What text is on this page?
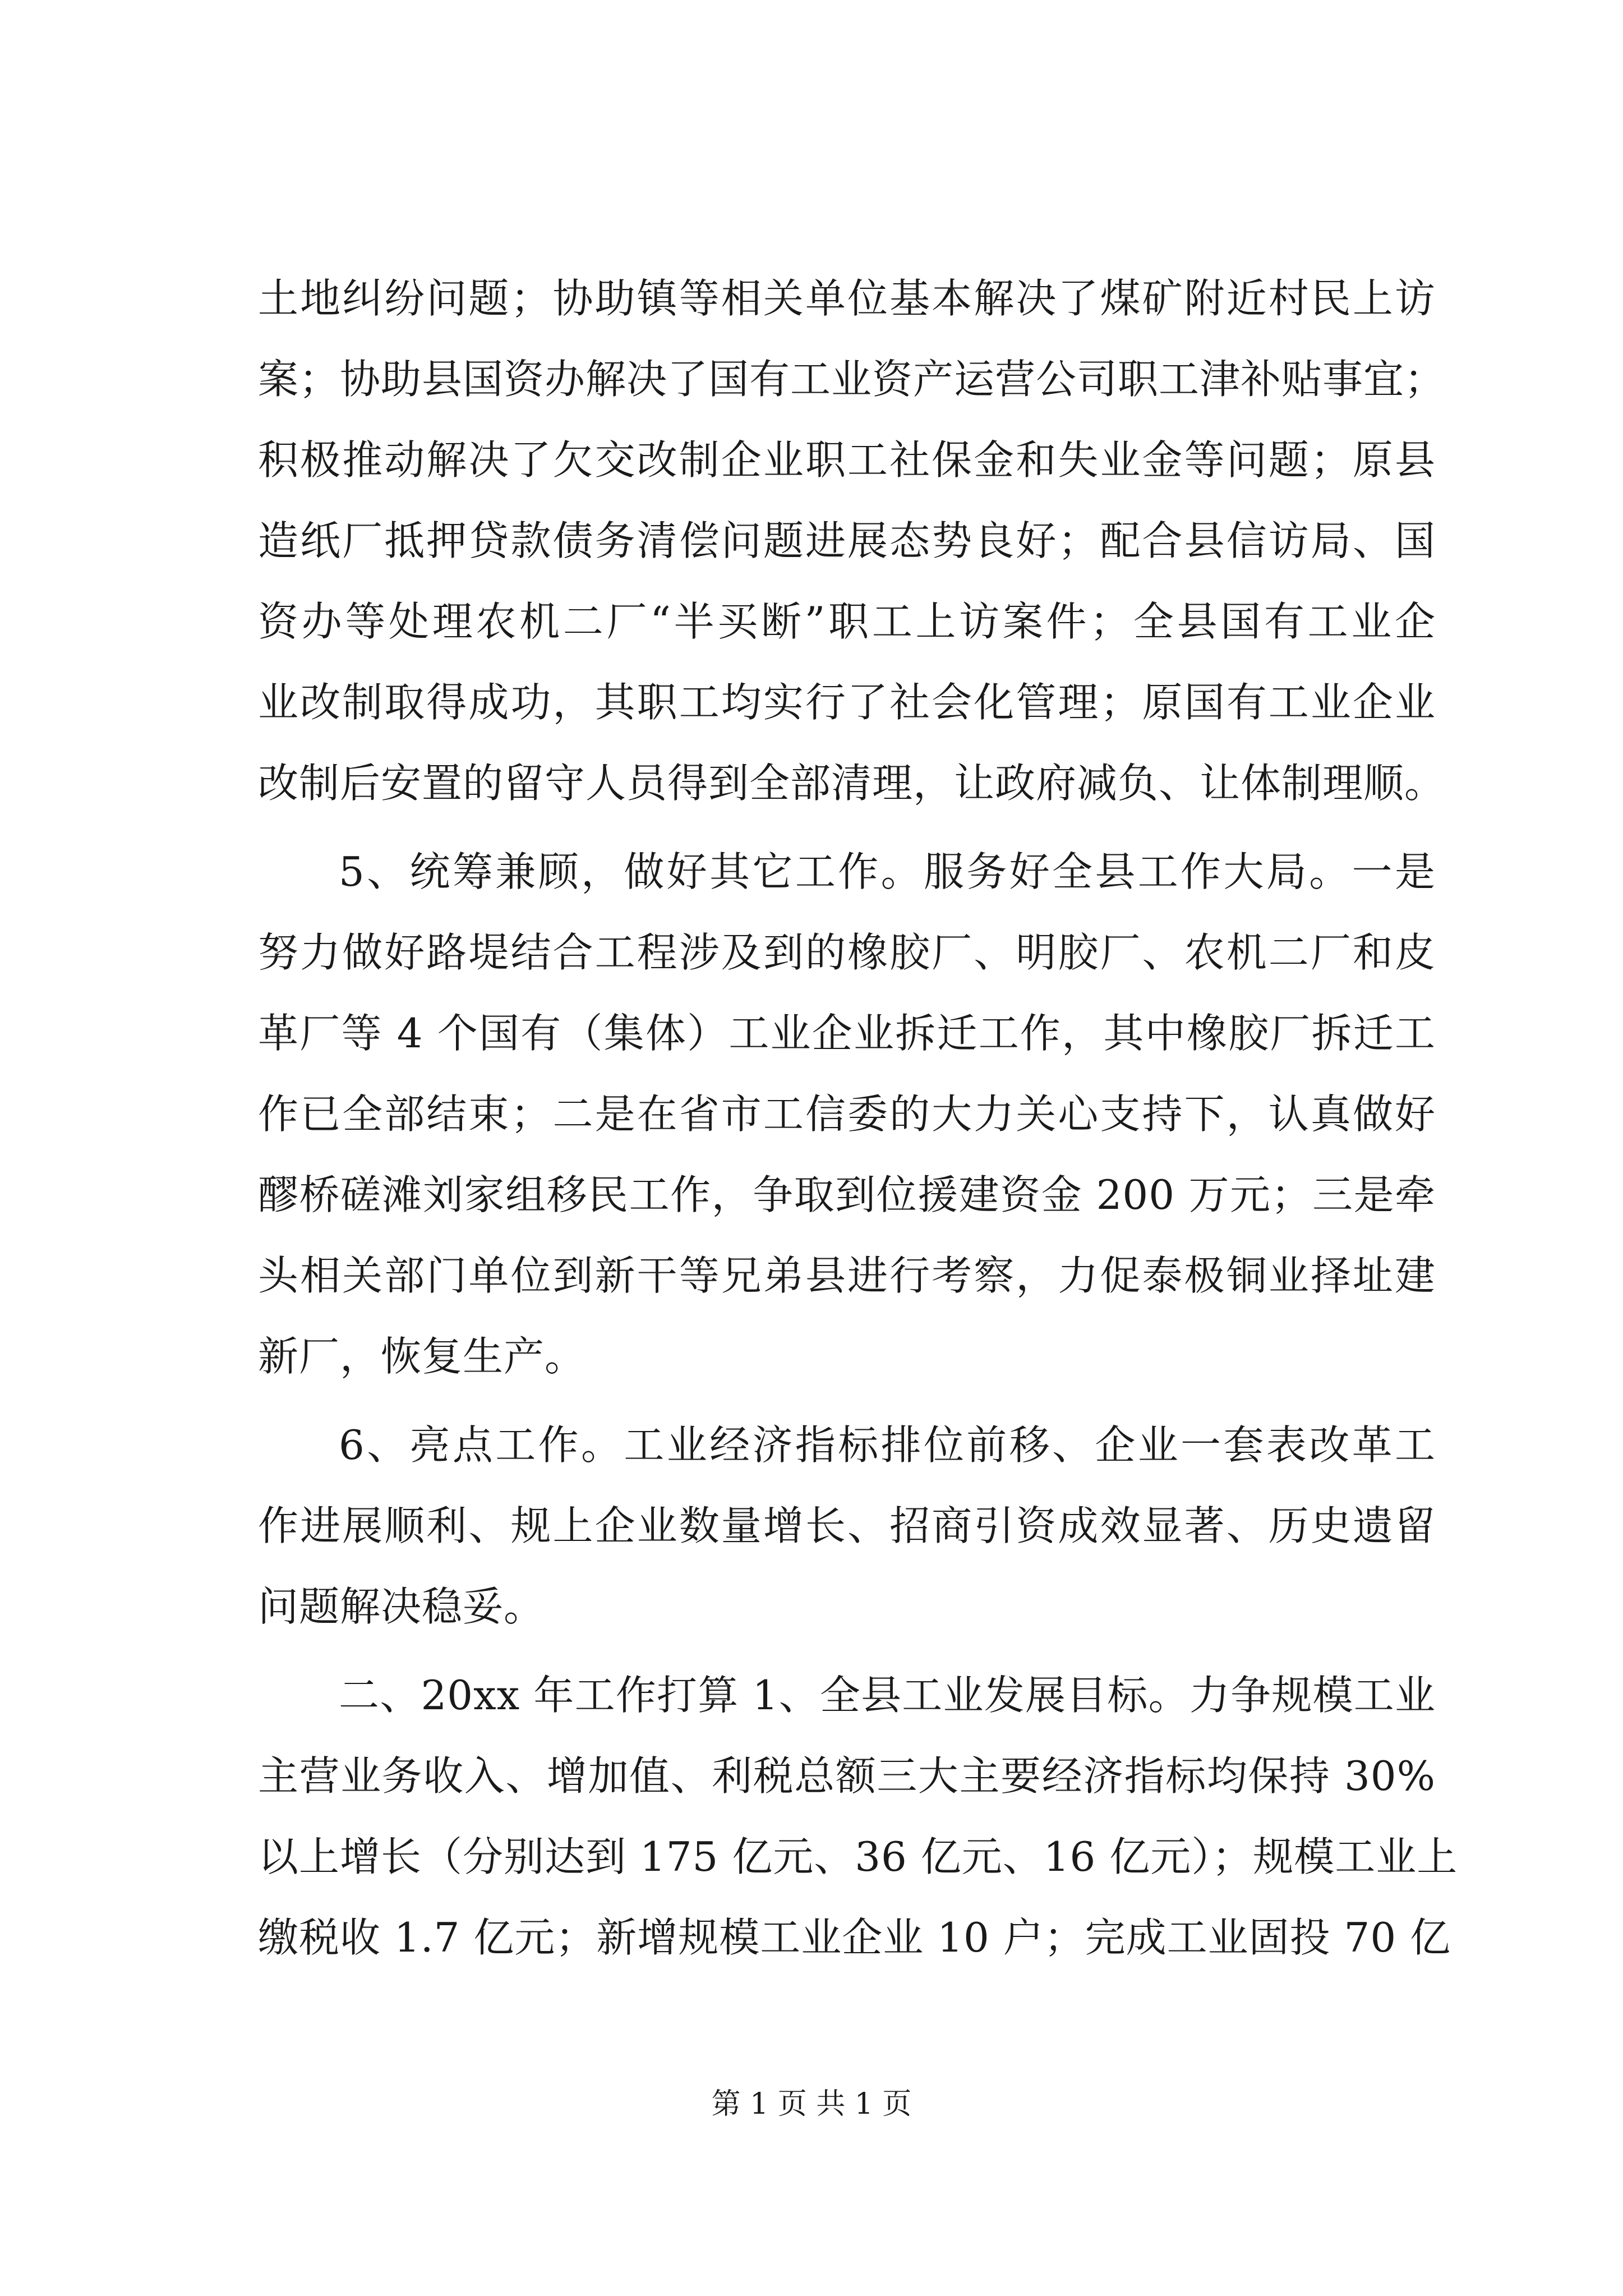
土地纠纷问题；协助镇等相关单位基本解决了煤矿附近村民上访
案；协助县国资办解决了国有工业资产运营公司职工津补贴事宜；
积极推动解决了欠交改制企业职工社保金和失业金等问题；原县
造纸厂抵押贷款债务清偿问题进展态势良好；配合县信访局、国
资办等处理农机二厂“半买断”职工上访案件；全县国有工业企
业改制取得成功，其职工均实行了社会化管理；原国有工业企业
改制后安置的留守人员得到全部清理，让政府减负、让体制理顺。
5、统筹兼顾，做好其它工作。服务好全县工作大局。一是
努力做好路堤结合工程涉及到的橡胶厂、明胶厂、农机二厂和皮
革厂等 4 个国有（集体）工业企业拆迁工作，其中橡胶厂拆迁工
作已全部结束；二是在省市工信委的大力关心支持下，认真做好
醪桥磋滩刘家组移民工作，争取到位援建资金 200 万元；三是牵
头相关部门单位到新干等兄弟县进行考察，力促泰极铜业择址建
新厂，恢复生产。
6、亮点工作。工业经济指标排位前移、企业一套表改革工
作进展顺利、规上企业数量增长、招商引资成效显著、历史遗留
问题解决稳妥。
二、20xx 年工作打算 1、全县工业发展目标。力争规模工业
主营业务收入、增加值、利税总额三大主要经济指标均保持 30%
以上增长（分别达到 175 亿元、36 亿元、16 亿元）；规模工业上
缴税收 1.7 亿元；新增规模工业企业 10 户；完成工业固投 70 亿
第 1 页 共 1 页
